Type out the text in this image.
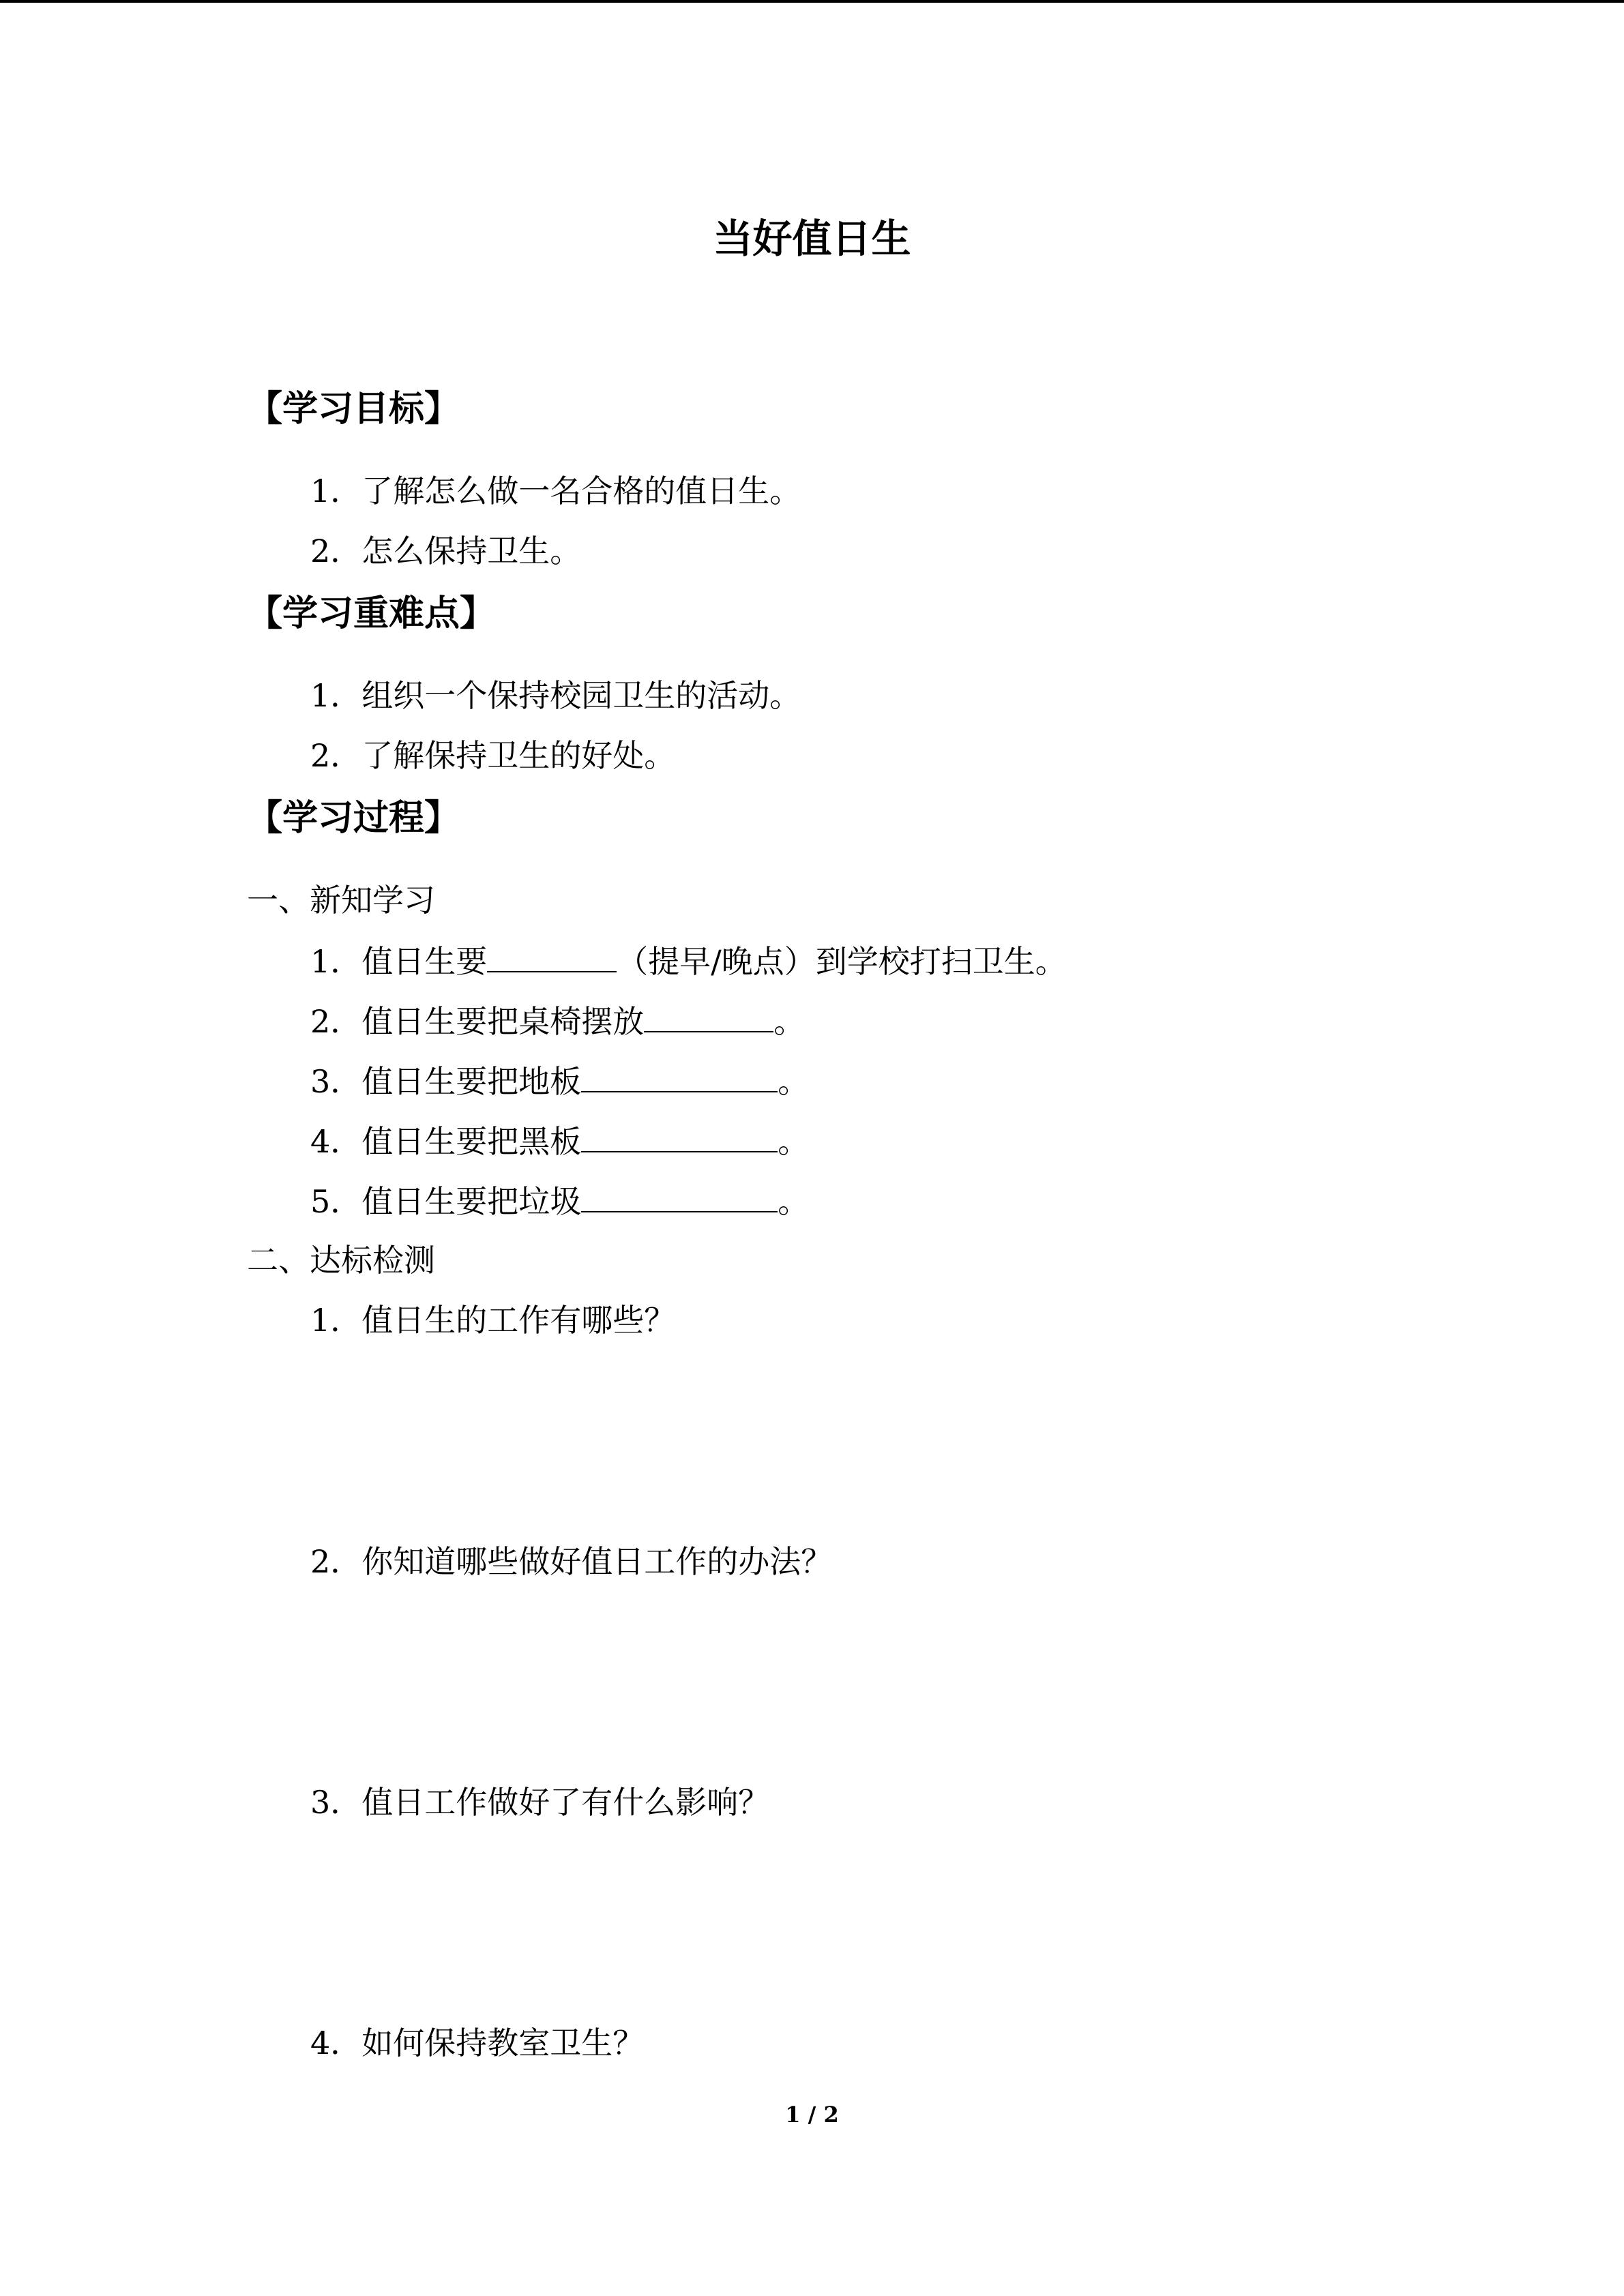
当好值日生
【学习目标】
1．了解怎么做一名合格的值日生。
2．怎么保持卫生。
【学习重难点】
1．组织一个保持校园卫生的活动。
2．了解保持卫生的好处。
【学习过程】
一、新知学习
1．值日生要	（提早/晚点）到学校打扫卫生。
2．值日生要把桌椅摆放	。
3．值日生要把地板	。
4．值日生要把黑板	。
5．值日生要把垃圾	。
二、达标检测
1．值日生的工作有哪些？
2．你知道哪些做好值日工作的办法？
3．值日工作做好了有什么影响？
4．如何保持教室卫生？
1 / 2
